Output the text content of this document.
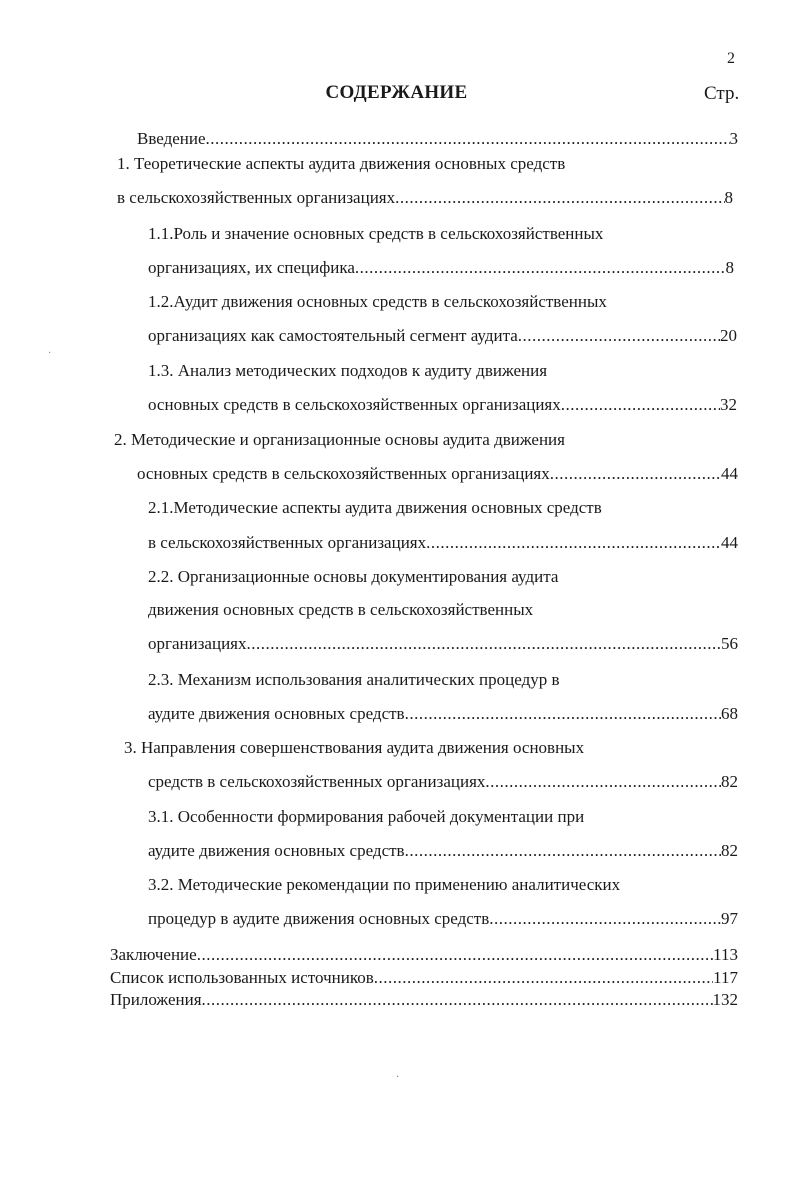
2
СОДЕРЖАНИЕ	Стр.
Введение .....	3
1. Теоретические аспекты аудита движения основных средств
в сельскохозяйственных организациях .....	8
1.1.Роль и значение основных средств в сельскохозяйственных
организациях, их специфика .....	8
1.2.Аудит движения основных средств в сельскохозяйственных
организациях как самостоятельный сегмент аудита .....	20
1.3. Анализ методических подходов к аудиту движения
основных средств в сельскохозяйственных организациях .....	32
2. Методические и организационные основы аудита движения
основных средств в сельскохозяйственных организациях .....	44
2.1.Методические аспекты аудита движения основных средств
в сельскохозяйственных организациях .....	44
2.2. Организационные основы документирования аудита
движения основных средств в сельскохозяйственных
организациях .....	56
2.3. Механизм использования аналитических процедур в
аудите движения основных средств .....	68
3. Направления совершенствования аудита движения основных
средств в сельскохозяйственных организациях .....	82
3.1. Особенности формирования рабочей документации при
аудите движения основных средств .....	82
3.2. Методические рекомендации по применению аналитических
процедур в аудите движения основных средств .....	97
Заключение .....	113
Список использованных источников .....	117
Приложения .....	132
·
·
